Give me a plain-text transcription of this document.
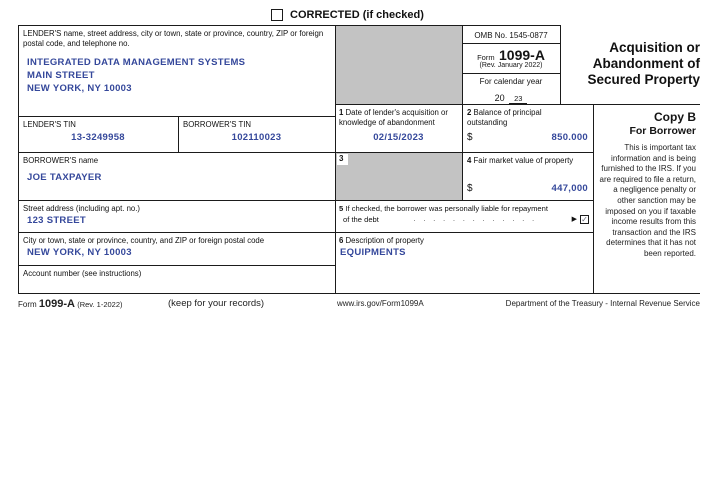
CORRECTED (if checked)
LENDER'S name, street address, city or town, state or province, country, ZIP or foreign postal code, and telephone no.
INTEGRATED DATA MANAGEMENT SYSTEMS
MAIN STREET
NEW YORK, NY 10003
OMB No. 1545-0877
Form 1099-A
(Rev. January 2022)
For calendar year
20 23
Acquisition or
Abandonment of
Secured Property
LENDER'S TIN
13-3249958
BORROWER'S TIN
102110023
BORROWER'S name
JOE TAXPAYER
Street address (including apt. no.)
123 STREET
City or town, state or province, country, and ZIP or foreign postal code
NEW YORK, NY 10003
Account number (see instructions)
1 Date of lender's acquisition or knowledge of abandonment
02/15/2023
2 Balance of principal outstanding
$	850.000
3	4 Fair market value of property
$	447,000
5 If checked, the borrower was personally liable for repayment
of the debt	. . . . . . . . . . . . .	▶ ✓
6 Description of property
EQUIPMENTS
Copy B
For Borrower
This is important tax information and is being furnished to the IRS. If you are required to file a return, a negligence penalty or other sanction may be imposed on you if taxable income results from this transaction and the IRS determines that it has not been reported.
Form 1099-A (Rev. 1-2022)	(keep for your records)	www.irs.gov/Form1099A	Department of the Treasury - Internal Revenue Service
